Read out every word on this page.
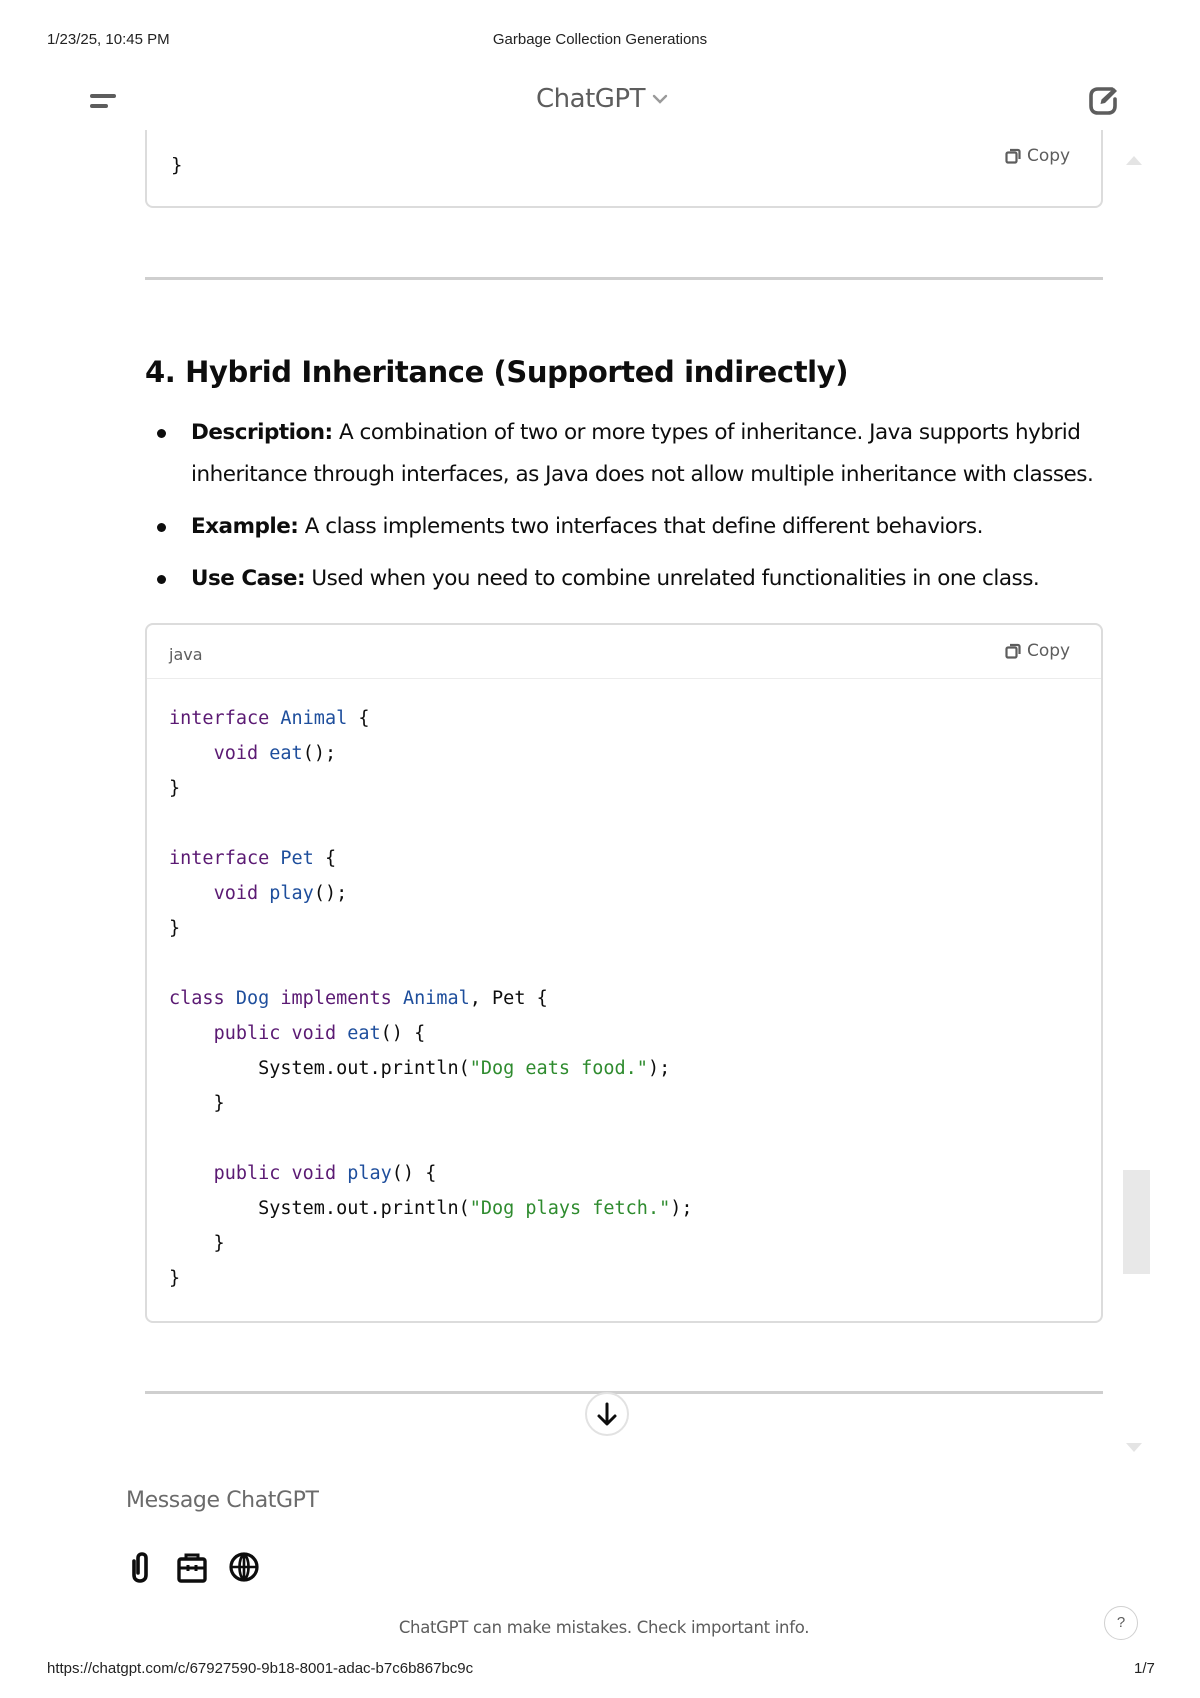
1/23/25, 10:45 PM	Garbage Collection Generations
ChatGPT
}	Copy
4. Hybrid Inheritance (Supported indirectly)
Description: A combination of two or more types of inheritance. Java supports hybrid inheritance through interfaces, as Java does not allow multiple inheritance with classes.
Example: A class implements two interfaces that define different behaviors.
Use Case: Used when you need to combine unrelated functionalities in one class.
java	Copy
interface Animal {
void eat();
}

interface Pet {
void play();
}

class Dog implements Animal, Pet {
public void eat() {
System.out.println("Dog eats food.");
}

public void play() {
System.out.println("Dog plays fetch.");
}
}
Message ChatGPT
ChatGPT can make mistakes. Check important info.	?
https://chatgpt.com/c/67927590-9b18-8001-adac-b7c6b867bc9c	1/7
